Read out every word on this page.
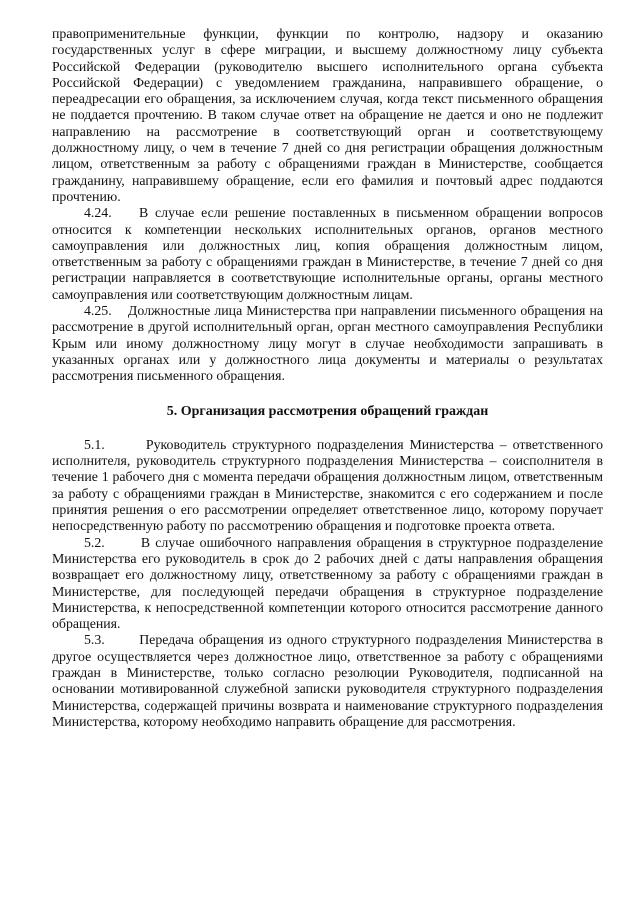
правоприменительные функции, функции по контролю, надзору и оказанию государственных услуг в сфере миграции, и высшему должностному лицу субъекта Российской Федерации (руководителю высшего исполнительного органа субъекта Российской Федерации) с уведомлением гражданина, направившего обращение, о переадресации его обращения, за исключением случая, когда текст письменного обращения не поддается прочтению. В таком случае ответ на обращение не дается и оно не подлежит направлению на рассмотрение в соответствующий орган и соответствующему должностному лицу, о чем в течение 7 дней со дня регистрации обращения должностным лицом, ответственным за работу с обращениями граждан в Министерстве, сообщается гражданину, направившему обращение, если его фамилия и почтовый адрес поддаются прочтению.

4.24. В случае если решение поставленных в письменном обращении вопросов относится к компетенции нескольких исполнительных органов, органов местного самоуправления или должностных лиц, копия обращения должностным лицом, ответственным за работу с обращениями граждан в Министерстве, в течение 7 дней со дня регистрации направляется в соответствующие исполнительные органы, органы местного самоуправления или соответствующим должностным лицам.

4.25. Должностные лица Министерства при направлении письменного обращения на рассмотрение в другой исполнительный орган, орган местного самоуправления Республики Крым или иному должностному лицу могут в случае необходимости запрашивать в указанных органах или у должностного лица документы и материалы о результатах рассмотрения письменного обращения.

5. Организация рассмотрения обращений граждан

5.1.	Руководитель структурного подразделения Министерства – ответственного исполнителя, руководитель структурного подразделения Министерства – соисполнителя в течение 1 рабочего дня с момента передачи обращения должностным лицом, ответственным за работу с обращениями граждан в Министерстве, знакомится с его содержанием и после принятия решения о его рассмотрении определяет ответственное лицо, которому поручает непосредственную работу по рассмотрению обращения и подготовке проекта ответа.

5.2.	В случае ошибочного направления обращения в структурное подразделение Министерства его руководитель в срок до 2 рабочих дней с даты направления обращения возвращает его должностному лицу, ответственному за работу с обращениями граждан в Министерстве, для последующей передачи обращения в структурное подразделение Министерства, к непосредственной компетенции которого относится рассмотрение данного обращения.

5.3. Передача обращения из одного структурного подразделения Министерства в другое осуществляется через должностное лицо, ответственное за работу с обращениями граждан в Министерстве, только согласно резолюции Руководителя, подписанной на основании мотивированной служебной записки руководителя структурного подразделения Министерства, содержащей причины возврата и наименование структурного подразделения Министерства, которому необходимо направить обращение для рассмотрения.
